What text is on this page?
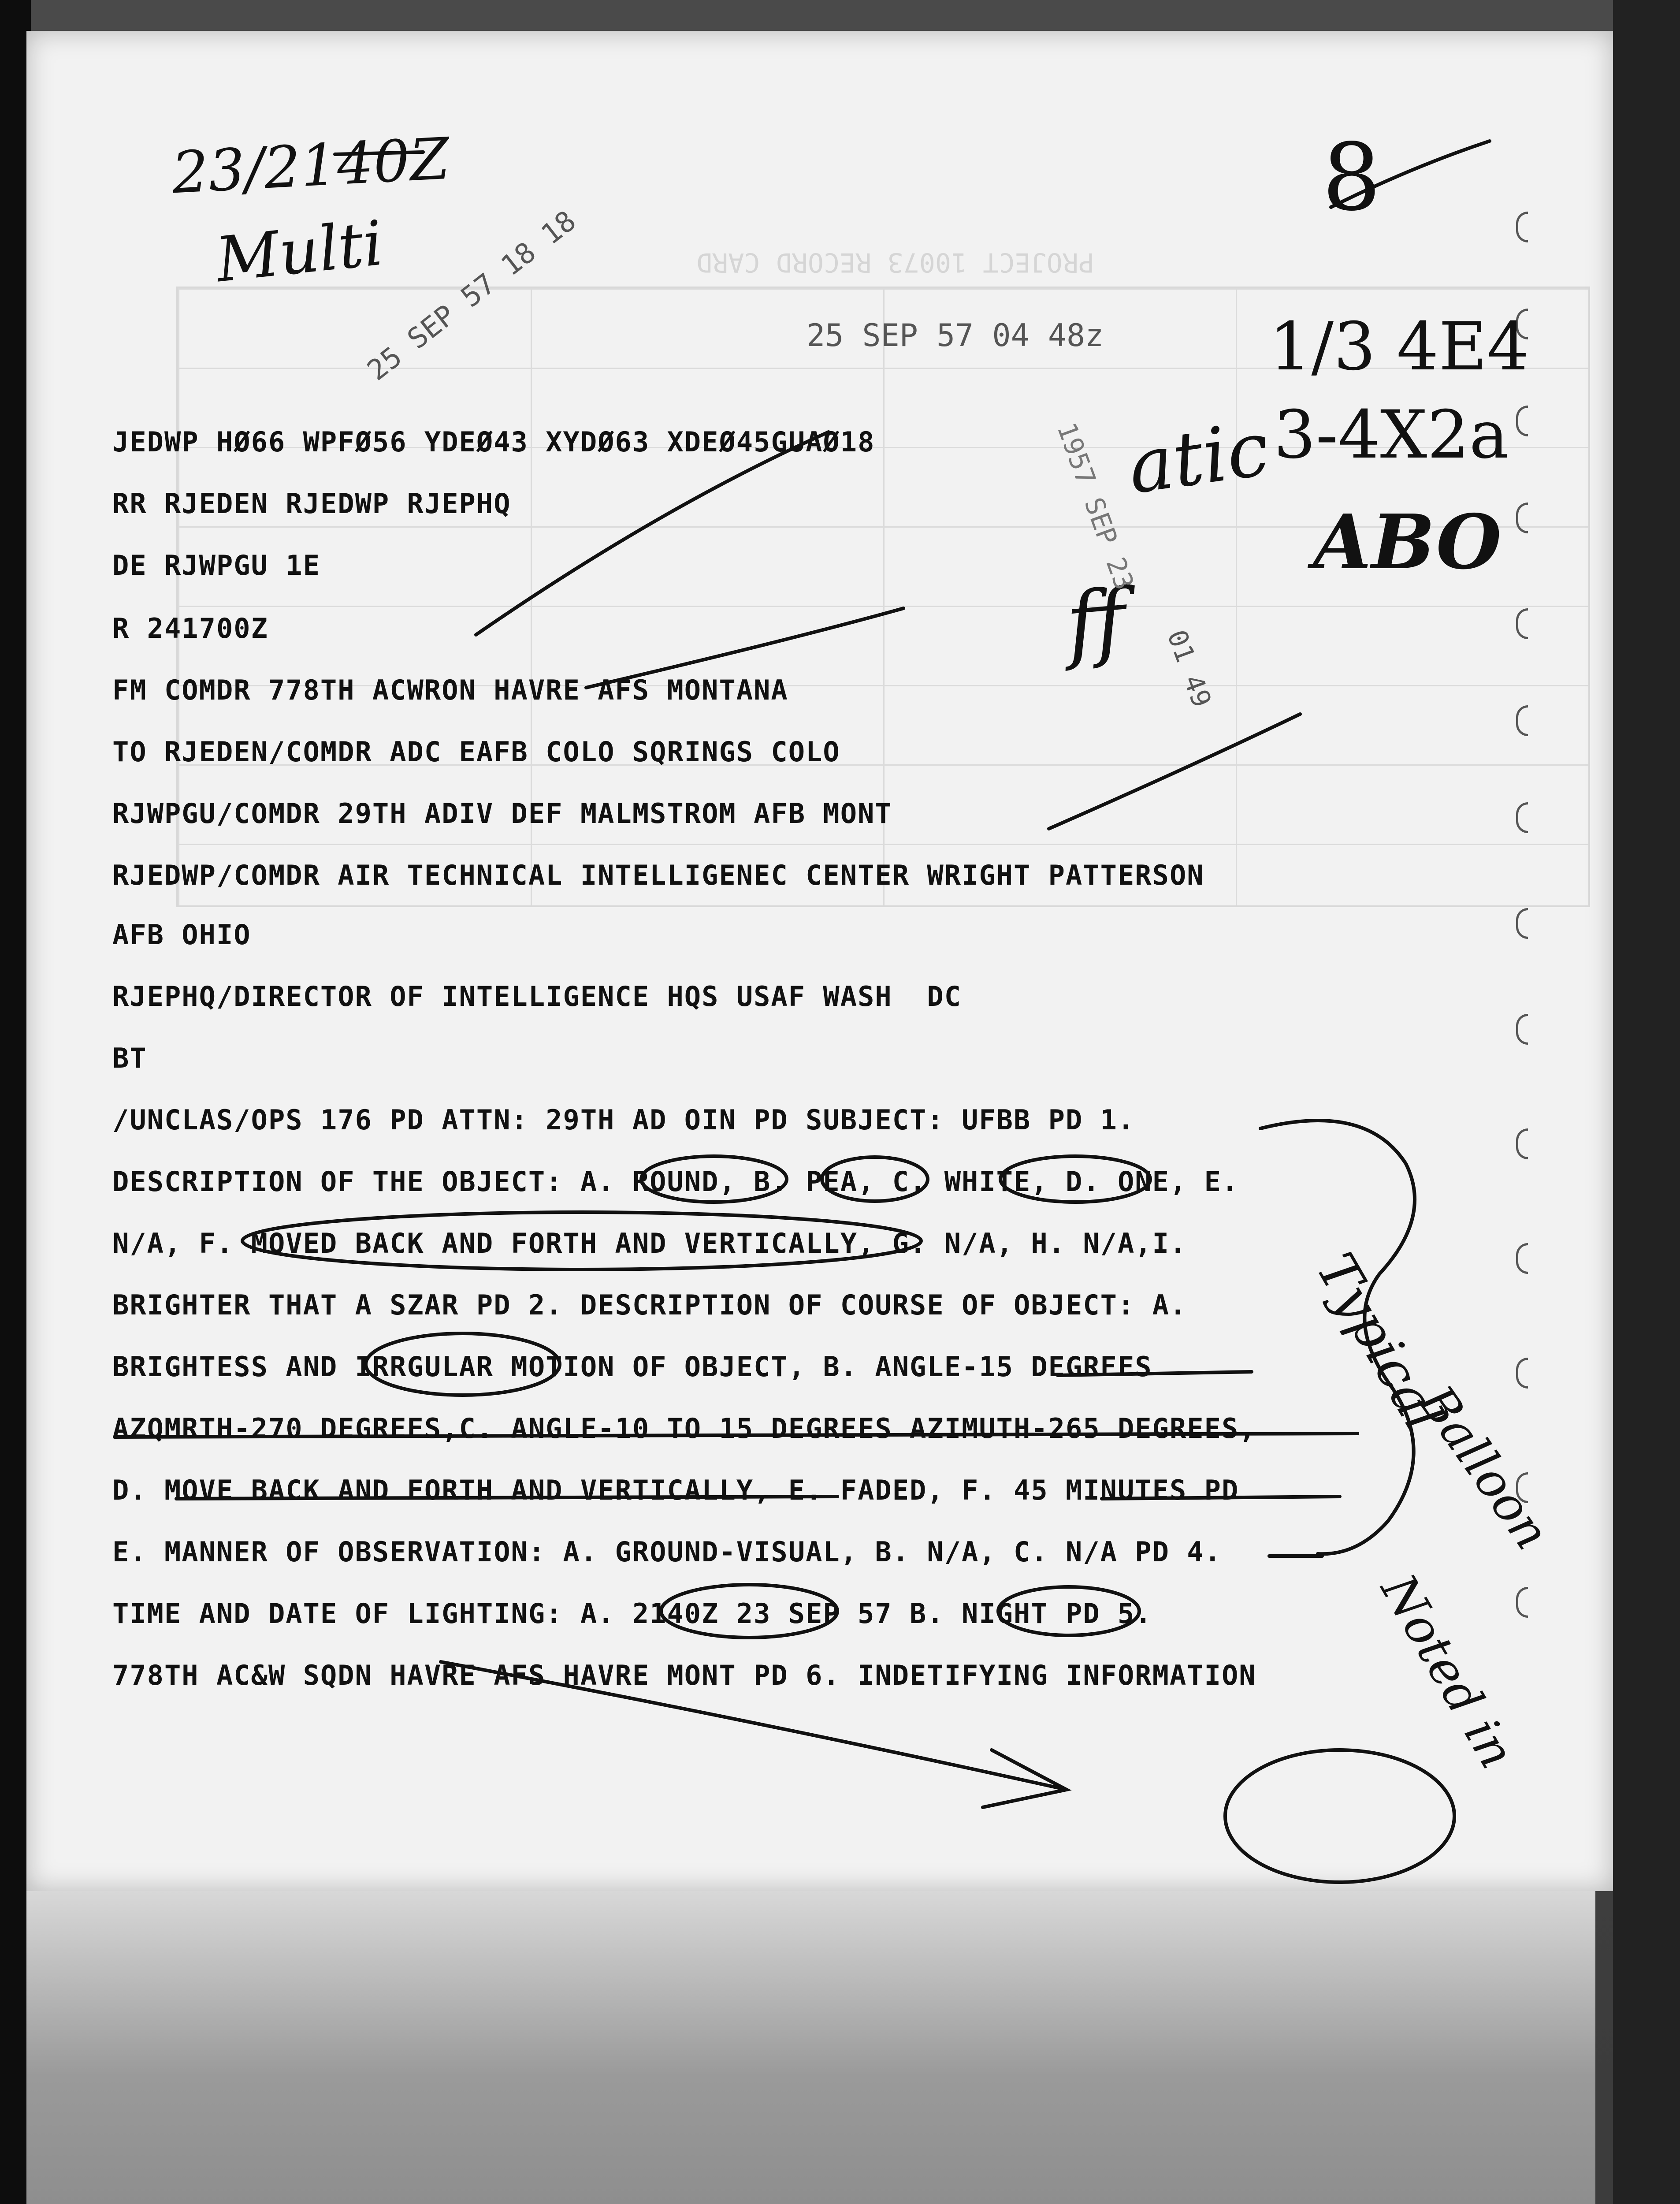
23/2140Z
Multi
8
1/3 4E4
3-4X2a
ABO
atic
ff
Typical
Balloon
Noted in
25 SEP 57 18 18	25 SEP 57 04 48z
01 49
1957 SEP 23
JEDWP HØ66 WPFØ56 YDEØ43 XYDØ63 XDEØ45GUAØ18
RR RJEDEN RJEDWP RJEPHQ
DE RJWPGU 1E
R 241700Z
FM COMDR 778TH ACWRON HAVRE AFS MONTANA
TO RJEDEN/COMDR ADC EAFB COLO SQRINGS COLO
RJWPGU/COMDR 29TH ADIV DEF MALMSTROM AFB MONT
RJEDWP/COMDR AIR TECHNICAL INTELLIGENEC CENTER WRIGHT PATTERSON
AFB OHIO
RJEPHQ/DIRECTOR OF INTELLIGENCE HQS USAF WASH  DC
BT
/UNCLAS/OPS 176 PD ATTN: 29TH AD OIN PD SUBJECT: UFBB PD 1.
DESCRIPTION OF THE OBJECT: A. ROUND, B. PEA, C. WHITE, D. ONE, E.
N/A, F. MOVED BACK AND FORTH AND VERTICALLY, G. N/A, H. N/A,I.
BRIGHTER THAT A SZAR PD 2. DESCRIPTION OF COURSE OF OBJECT: A.
BRIGHTESS AND IRRGULAR MOTION OF OBJECT, B. ANGLE-15 DEGREES
AZQMRTH-270 DEGREES,C. ANGLE-10 TO 15 DEGREES AZIMUTH-265 DEGREES,
D. MOVE BACK AND FORTH AND VERTICALLY, E. FADED, F. 45 MINUTES PD
E. MANNER OF OBSERVATION: A. GROUND-VISUAL, B. N/A, C. N/A PD 4.
TIME AND DATE OF LIGHTING: A. 2140Z 23 SEP 57 B. NIGHT PD 5.
778TH AC&W SQDN HAVRE AFS HAVRE MONT PD 6. INDETIFYING INFORMATION
